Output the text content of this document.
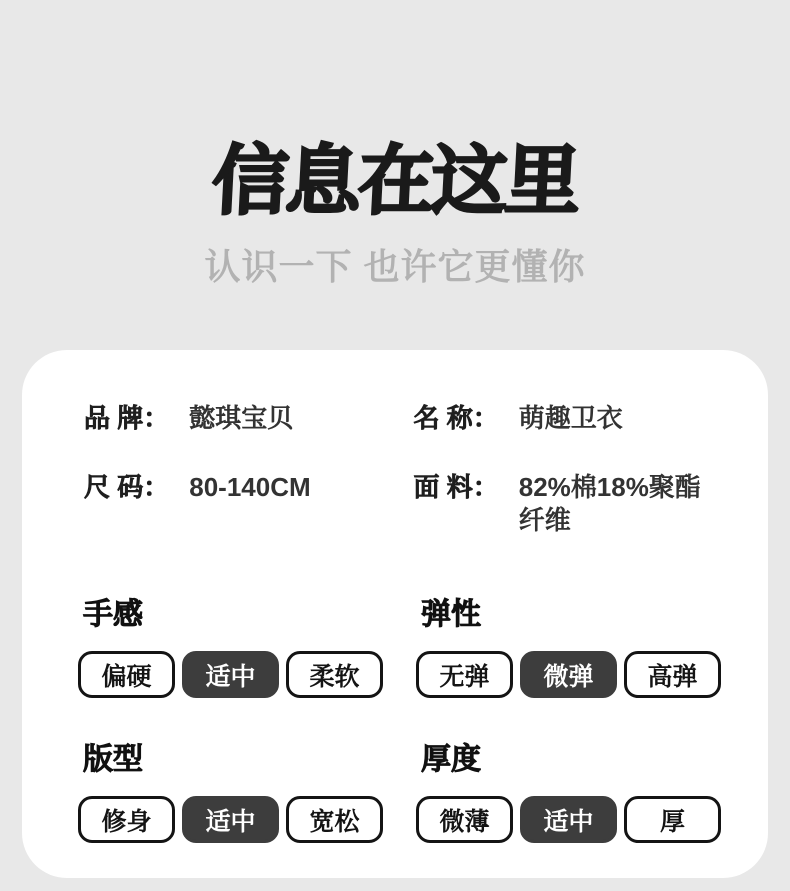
信息在这里

认识一下 也许它更懂你

品 牌： 懿琪宝贝	名 称： 萌趣卫衣
尺 码： 80-140CM	面 料： 82%棉18%聚酯纤维
手感
偏硬	适中	柔软
弹性
无弹	微弹	高弹
版型
修身	适中	宽松
厚度
微薄	适中	厚
